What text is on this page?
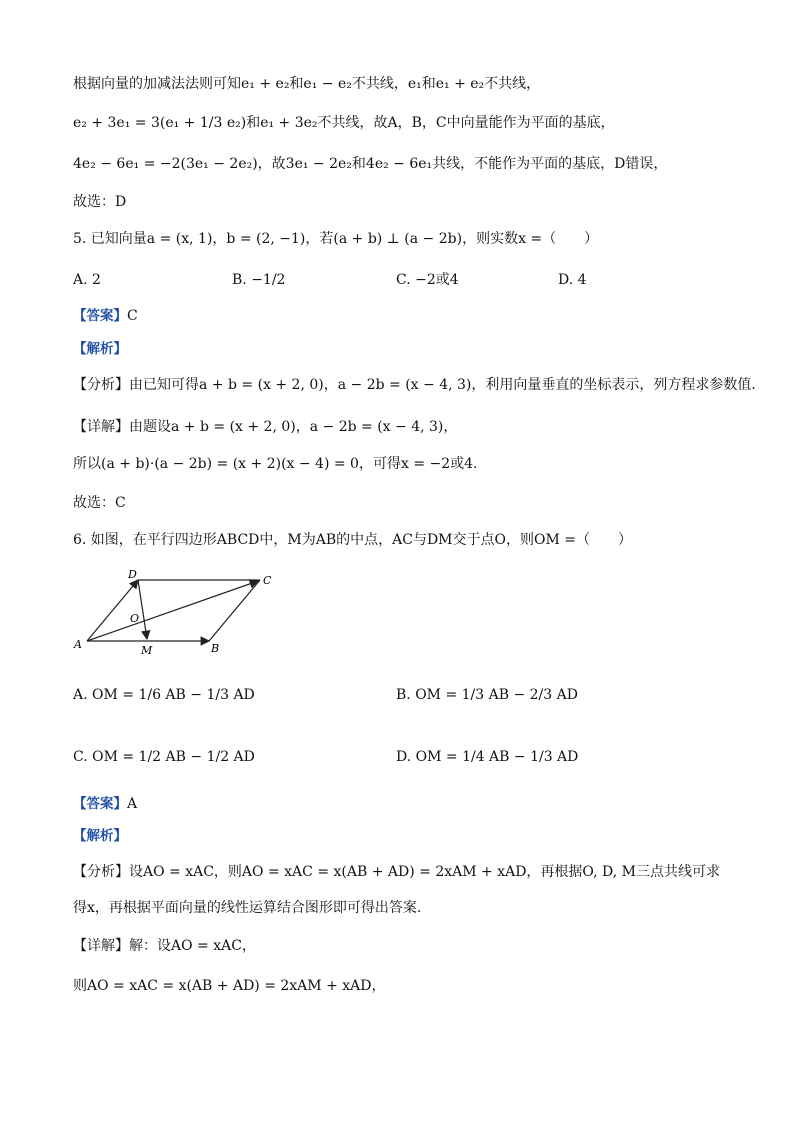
根据向量的加减法法则可知e₁ + e₂和e₁ − e₂不共线，e₁和e₁ + e₂不共线，
e₂ + 3e₁ = 3(e₁ + 1/3 e₂)和e₁ + 3e₂不共线，故A，B，C中向量能作为平面的基底，
4e₂ − 6e₁ = −2(3e₁ − 2e₂)，故3e₁ − 2e₂和4e₂ − 6e₁共线，不能作为平面的基底，D错误，
故选：D
5. 已知向量a = (x, 1)，b = (2, −1)，若(a + b) ⊥ (a − 2b)，则实数x =（　　）
A. 2	B. −1/2	C. −2或4	D. 4
【答案】C
【解析】
【分析】由已知可得a + b = (x + 2, 0)，a − 2b = (x − 4, 3)，利用向量垂直的坐标表示，列方程求参数值.
【详解】由题设a + b = (x + 2, 0)，a − 2b = (x − 4, 3)，
所以(a + b)·(a − 2b) = (x + 2)(x − 4) = 0，可得x = −2或4.
故选：C
6. 如图，在平行四边形ABCD中，M为AB的中点，AC与DM交于点O，则OM =（　　）
D	C
O
A	M	B
A. OM = 1/6 AB − 1/3 AD	B. OM = 1/3 AB − 2/3 AD
C. OM = 1/2 AB − 1/2 AD	D. OM = 1/4 AB − 1/3 AD
【答案】A
【解析】
【分析】设AO = xAC，则AO = xAC = x(AB + AD) = 2xAM + xAD，再根据O, D, M三点共线可求
得x，再根据平面向量的线性运算结合图形即可得出答案.
【详解】解：设AO = xAC，
则AO = xAC = x(AB + AD) = 2xAM + xAD，
